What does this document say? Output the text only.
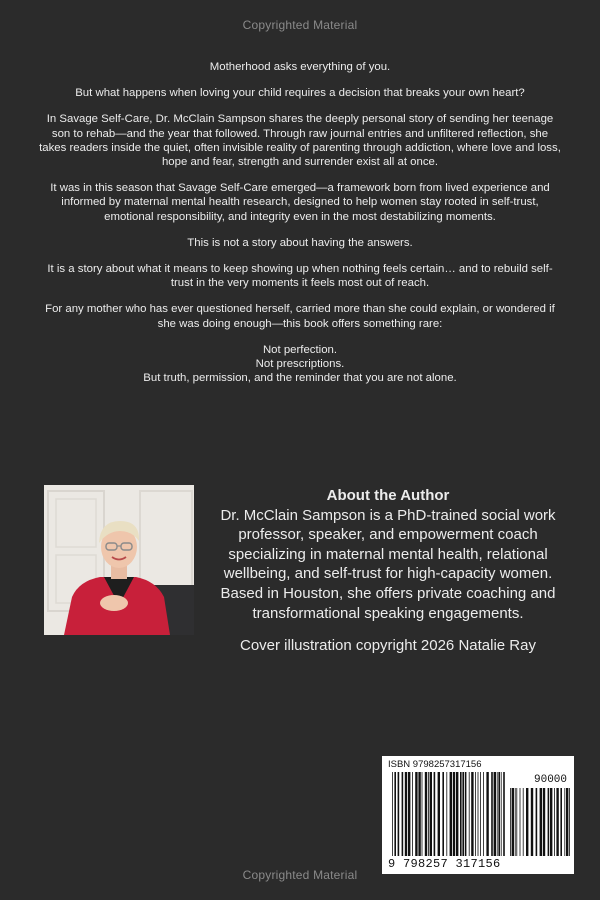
Copyrighted Material

Motherhood asks everything of you.

But what happens when loving your child requires a decision that breaks your own heart?

In Savage Self-Care, Dr. McClain Sampson shares the deeply personal story of sending her teenage son to rehab—and the year that followed. Through raw journal entries and unfiltered reflection, she takes readers inside the quiet, often invisible reality of parenting through addiction, where love and loss, hope and fear, strength and surrender exist all at once.

It was in this season that Savage Self-Care emerged—a framework born from lived experience and informed by maternal mental health research, designed to help women stay rooted in self-trust, emotional responsibility, and integrity even in the most destabilizing moments.

This is not a story about having the answers.

It is a story about what it means to keep showing up when nothing feels certain… and to rebuild self-trust in the very moments it feels most out of reach.

For any mother who has ever questioned herself, carried more than she could explain, or wondered if she was doing enough—this book offers something rare:

Not perfection.
Not prescriptions.
But truth, permission, and the reminder that you are not alone.
About the Author
Dr. McClain Sampson is a PhD-trained social work professor, speaker, and empowerment coach specializing in maternal mental health, relational wellbeing, and self-trust for high-capacity women. Based in Houston, she offers private coaching and transformational speaking engagements.
Cover illustration copyright 2026 Natalie Ray
ISBN 9798257317156
90000
9 798257 317156
Copyrighted Material
